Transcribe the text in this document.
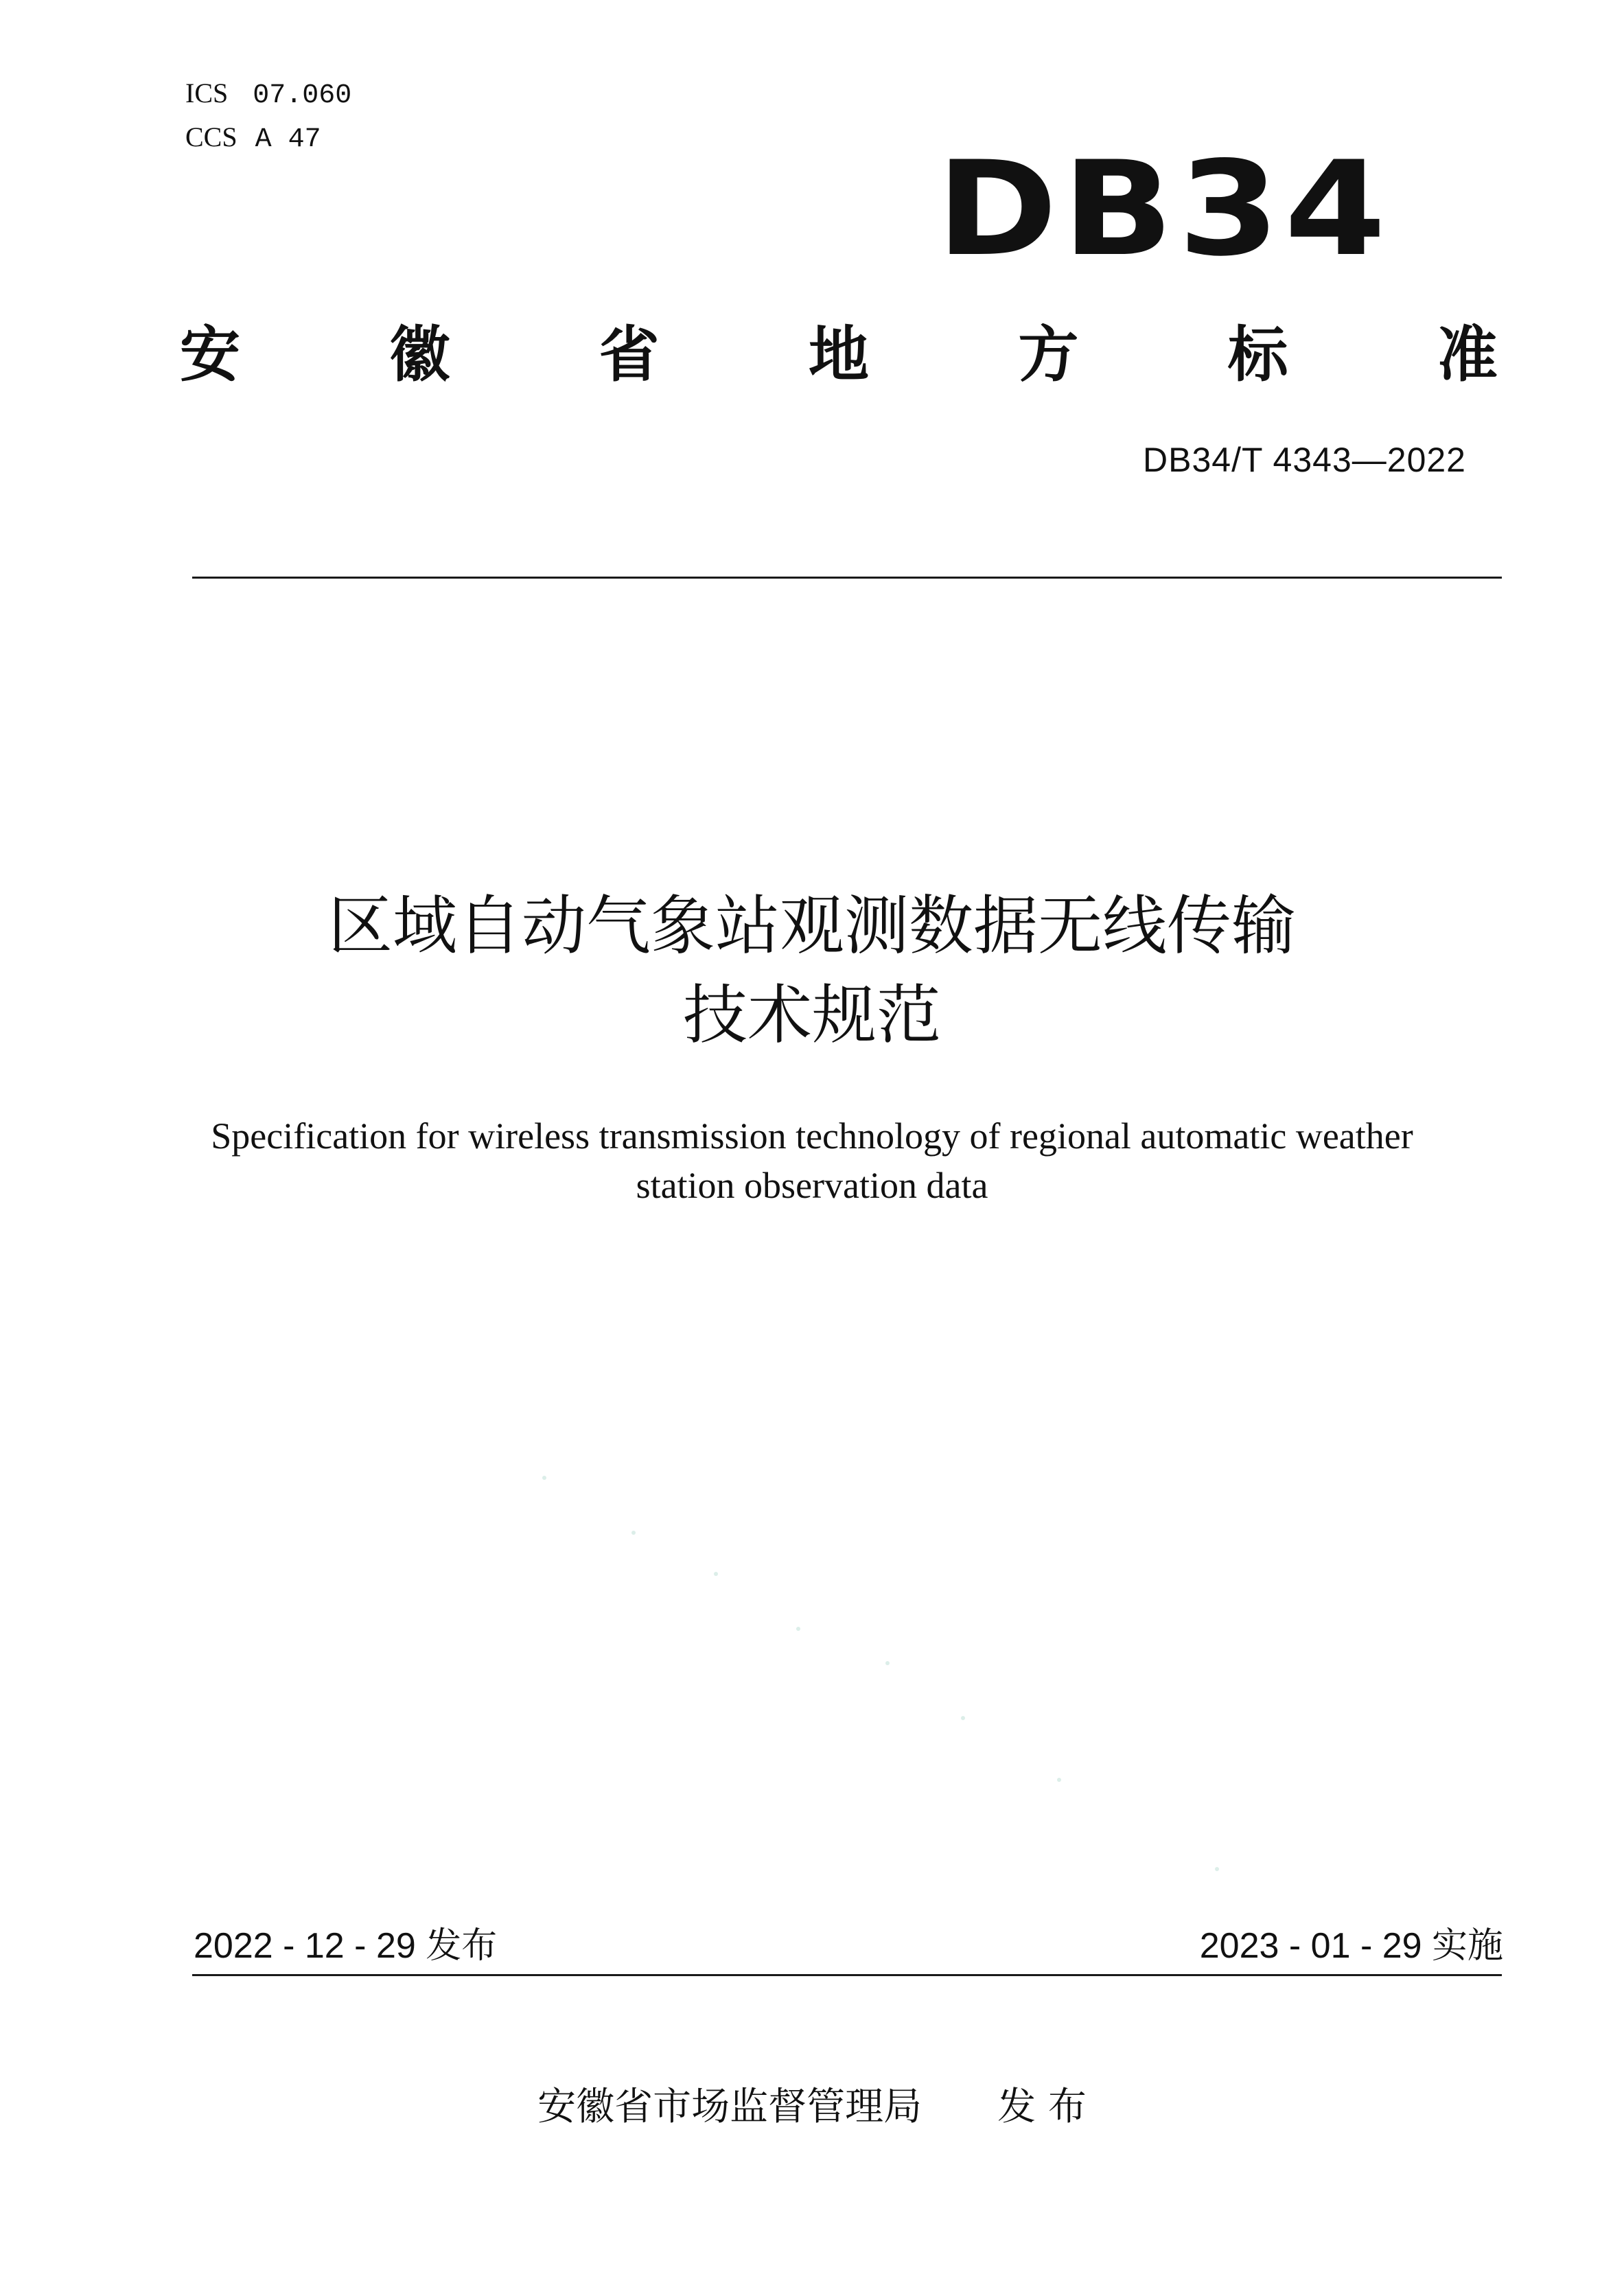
ICS 07.060
CCS A 47	DB34
安 徽 省 地 方 标 准
DB34/T 4343—2022
区域自动气象站观测数据无线传输
技术规范
Specification for wireless transmission technology of regional automatic weather
station observation data
2022 - 12 - 29 发布	2023 - 01 - 29 实施
安徽省市场监督管理局 发 布
